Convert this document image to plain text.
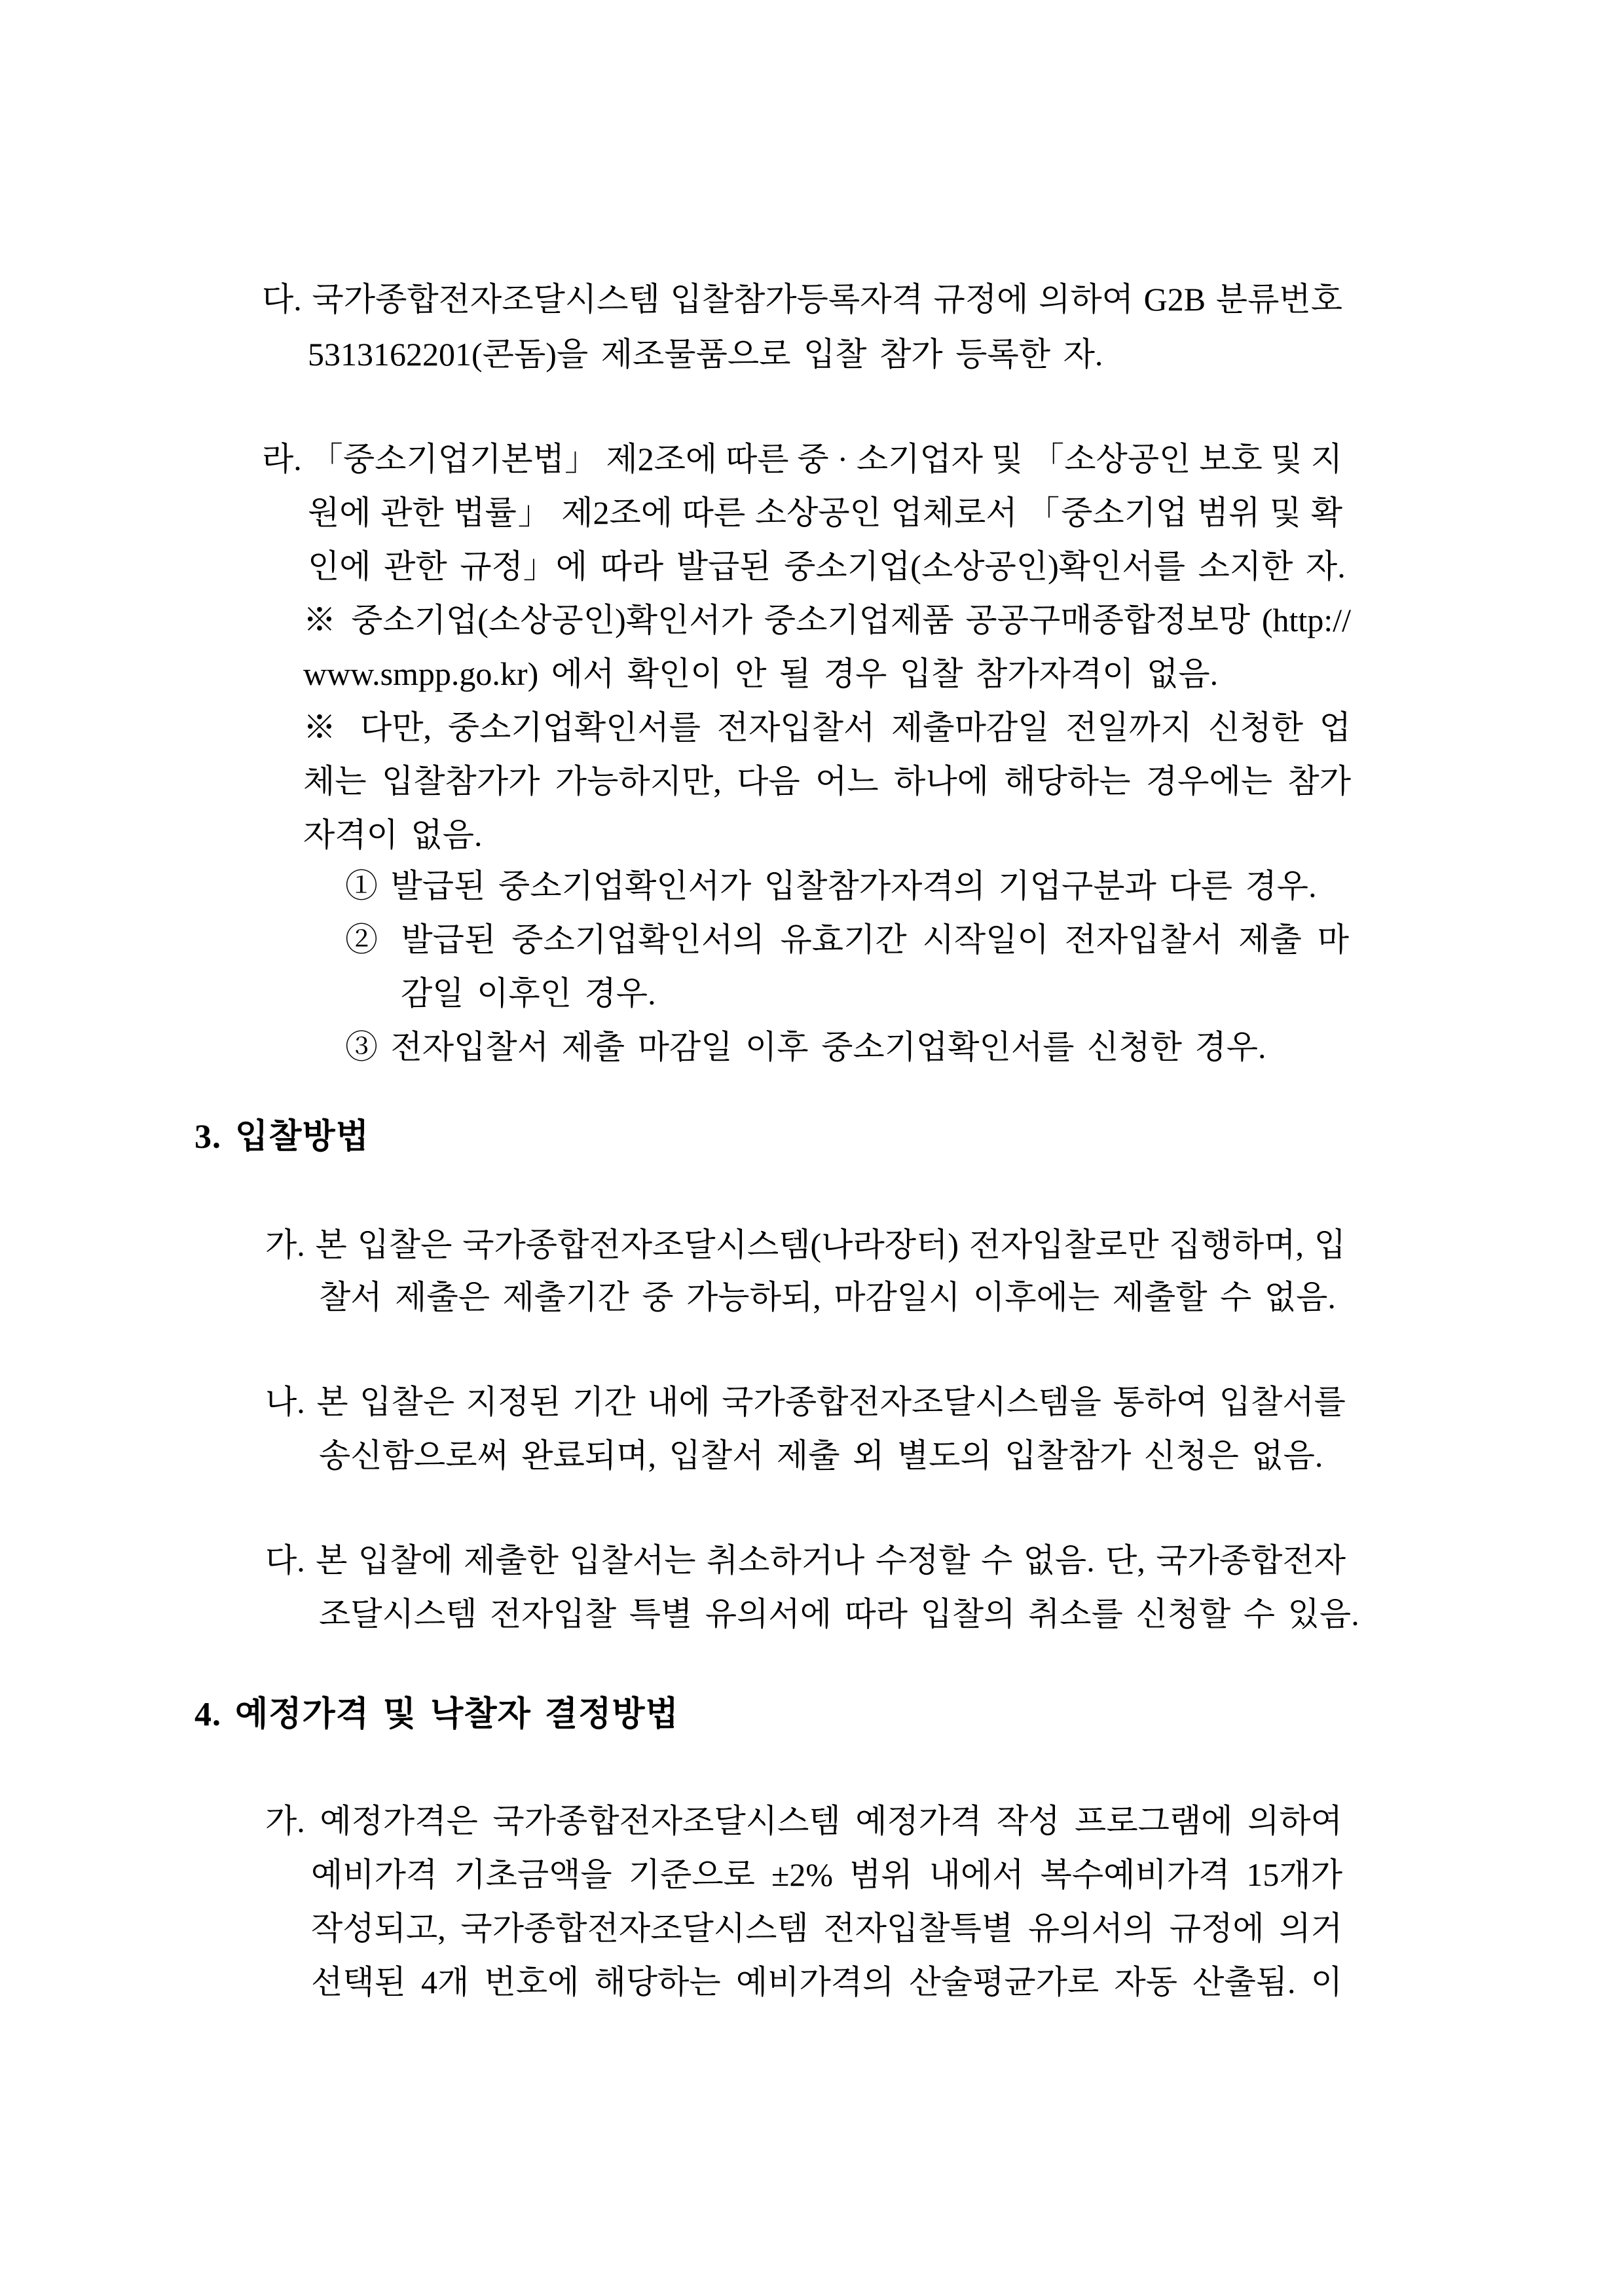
다. 국가종합전자조달시스템 입찰참가등록자격 규정에 의하여 G2B 분류번호
5313162201(콘돔)을 제조물품으로 입찰 참가 등록한 자.
라. 「중소기업기본법」 제2조에 따른 중 · 소기업자 및 「소상공인 보호 및 지
원에 관한 법률」 제2조에 따른 소상공인 업체로서 「중소기업 범위 및 확
인에 관한 규정」에 따라 발급된 중소기업(소상공인)확인서를 소지한 자.
※ 중소기업(소상공인)확인서가 중소기업제품 공공구매종합정보망 (http://
www.smpp.go.kr) 에서 확인이 안 될 경우 입찰 참가자격이 없음.
※ 다만, 중소기업확인서를 전자입찰서 제출마감일 전일까지 신청한 업
체는 입찰참가가 가능하지만, 다음 어느 하나에 해당하는 경우에는 참가
자격이 없음.
① 발급된 중소기업확인서가 입찰참가자격의 기업구분과 다른 경우.
② 발급된 중소기업확인서의 유효기간 시작일이 전자입찰서 제출 마
감일 이후인 경우.
③ 전자입찰서 제출 마감일 이후 중소기업확인서를 신청한 경우.
3. 입찰방법
가. 본 입찰은 국가종합전자조달시스템(나라장터) 전자입찰로만 집행하며, 입
찰서 제출은 제출기간 중 가능하되, 마감일시 이후에는 제출할 수 없음.
나. 본 입찰은 지정된 기간 내에 국가종합전자조달시스템을 통하여 입찰서를
송신함으로써 완료되며, 입찰서 제출 외 별도의 입찰참가 신청은 없음.
다. 본 입찰에 제출한 입찰서는 취소하거나 수정할 수 없음. 단, 국가종합전자
조달시스템 전자입찰 특별 유의서에 따라 입찰의 취소를 신청할 수 있음.
4. 예정가격 및 낙찰자 결정방법
가. 예정가격은 국가종합전자조달시스템 예정가격 작성 프로그램에 의하여
예비가격 기초금액을 기준으로 ±2% 범위 내에서 복수예비가격 15개가
작성되고, 국가종합전자조달시스템 전자입찰특별 유의서의 규정에 의거
선택된 4개 번호에 해당하는 예비가격의 산술평균가로 자동 산출됨. 이
